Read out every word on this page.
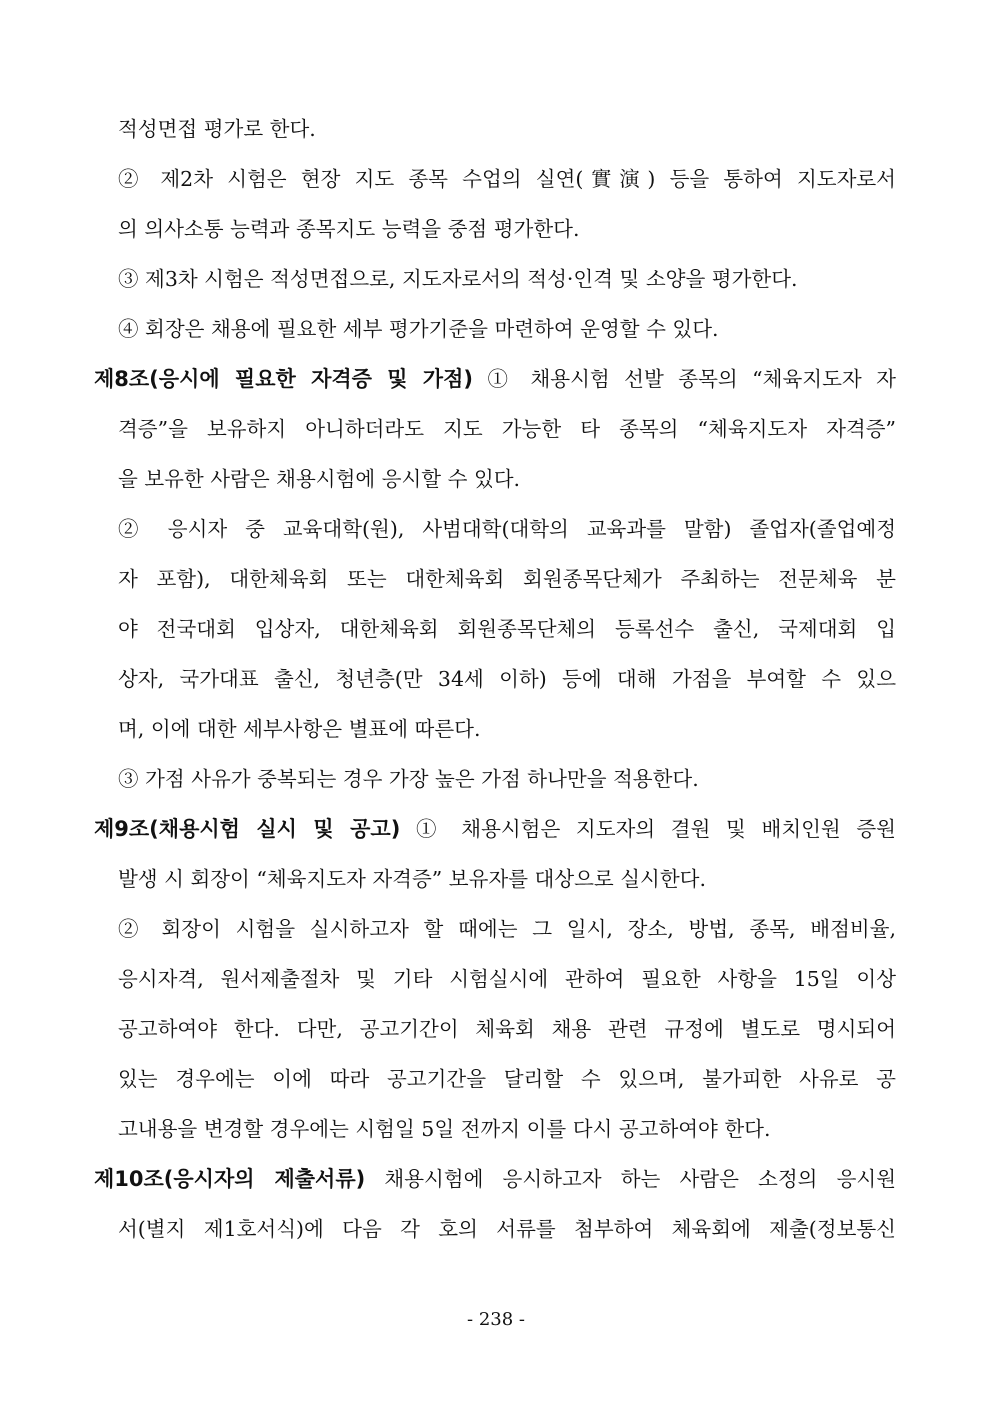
적성면접 평가로 한다.
② 제2차 시험은 현장 지도 종목 수업의 실연(實演) 등을 통하여 지도자로서
의 의사소통 능력과 종목지도 능력을 중점 평가한다.
③ 제3차 시험은 적성면접으로, 지도자로서의 적성·인격 및 소양을 평가한다.
④ 회장은 채용에 필요한 세부 평가기준을 마련하여 운영할 수 있다.
제8조(응시에 필요한 자격증 및 가점) ① 채용시험 선발 종목의 “체육지도자 자
격증”을 보유하지 아니하더라도 지도 가능한 타 종목의 “체육지도자 자격증”
을 보유한 사람은 채용시험에 응시할 수 있다.
② 응시자 중 교육대학(원), 사범대학(대학의 교육과를 말함) 졸업자(졸업예정
자 포함), 대한체육회 또는 대한체육회 회원종목단체가 주최하는 전문체육 분
야 전국대회 입상자, 대한체육회 회원종목단체의 등록선수 출신, 국제대회 입
상자, 국가대표 출신, 청년층(만 34세 이하) 등에 대해 가점을 부여할 수 있으
며, 이에 대한 세부사항은 별표에 따른다.
③ 가점 사유가 중복되는 경우 가장 높은 가점 하나만을 적용한다.
제9조(채용시험 실시 및 공고) ① 채용시험은 지도자의 결원 및 배치인원 증원
발생 시 회장이 “체육지도자 자격증” 보유자를 대상으로 실시한다.
② 회장이 시험을 실시하고자 할 때에는 그 일시, 장소, 방법, 종목, 배점비율,
응시자격, 원서제출절차 및 기타 시험실시에 관하여 필요한 사항을 15일 이상
공고하여야 한다. 다만, 공고기간이 체육회 채용 관련 규정에 별도로 명시되어
있는 경우에는 이에 따라 공고기간을 달리할 수 있으며, 불가피한 사유로 공
고내용을 변경할 경우에는 시험일 5일 전까지 이를 다시 공고하여야 한다.
제10조(응시자의 제출서류) 채용시험에 응시하고자 하는 사람은 소정의 응시원
서(별지 제1호서식)에 다음 각 호의 서류를 첨부하여 체육회에 제출(정보통신
- 238 -
